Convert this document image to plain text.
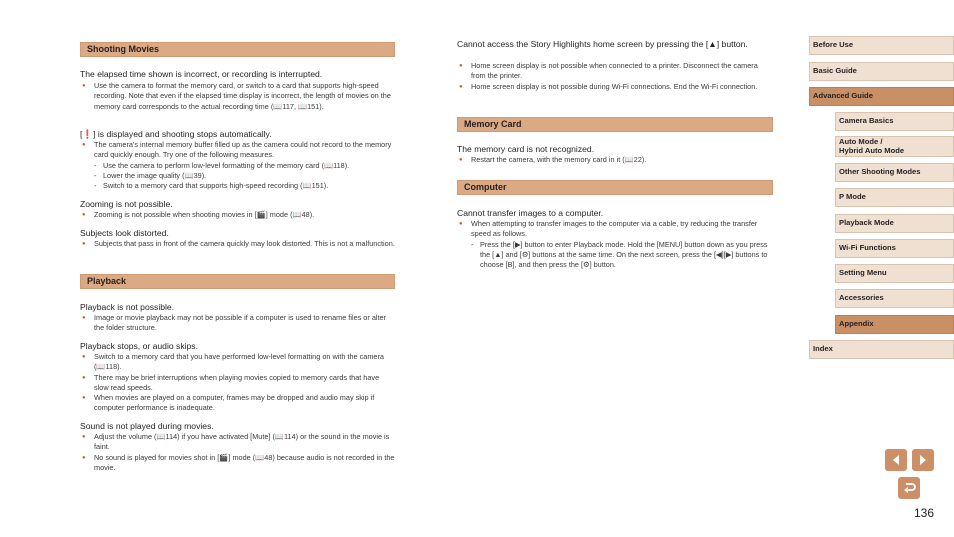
Shooting Movies
The elapsed time shown is incorrect, or recording is interrupted.
● Use the camera to format the memory card, or switch to a card that supports high-speed recording. Note that even if the elapsed time display is incorrect, the length of movies on the memory card corresponds to the actual recording time (📖117, 📖151).
[❗] is displayed and shooting stops automatically.
● The camera's internal memory buffer filled up as the camera could not record to the memory card quickly enough. Try one of the following measures.
- Use the camera to perform low-level formatting of the memory card (📖118).
- Lower the image quality (📖39).
- Switch to a memory card that supports high-speed recording (📖151).
Zooming is not possible.
● Zooming is not possible when shooting movies in [🎬] mode (📖48).
Subjects look distorted.
● Subjects that pass in front of the camera quickly may look distorted. This is not a malfunction.
Playback
Playback is not possible.
● Image or movie playback may not be possible if a computer is used to rename files or alter the folder structure.
Playback stops, or audio skips.
● Switch to a memory card that you have performed low-level formatting on with the camera (📖118).
● There may be brief interruptions when playing movies copied to memory cards that have slow read speeds.
● When movies are played on a computer, frames may be dropped and audio may skip if computer performance is inadequate.
Sound is not played during movies.
● Adjust the volume (📖114) if you have activated [Mute] (📖114) or the sound in the movie is faint.
● No sound is played for movies shot in [🎬] mode (📖48) because audio is not recorded in the movie.
Cannot access the Story Highlights home screen by pressing the [▲] button.
● Home screen display is not possible when connected to a printer. Disconnect the camera from the printer.
● Home screen display is not possible during Wi-Fi connections. End the Wi-Fi connection.
Memory Card
The memory card is not recognized.
● Restart the camera, with the memory card in it (📖22).
Computer
Cannot transfer images to a computer.
● When attempting to transfer images to the computer via a cable, try reducing the transfer speed as follows.
- Press the [▶] button to enter Playback mode. Hold the [MENU] button down as you press the [▲] and [⚙] buttons at the same time. On the next screen, press the [◀][▶] buttons to choose [B], and then press the [⚙] button.
Before Use
Basic Guide
Advanced Guide
Camera Basics
Auto Mode /
Hybrid Auto Mode
Other Shooting Modes
P Mode
Playback Mode
Wi-Fi Functions
Setting Menu
Accessories
Appendix
Index
136
